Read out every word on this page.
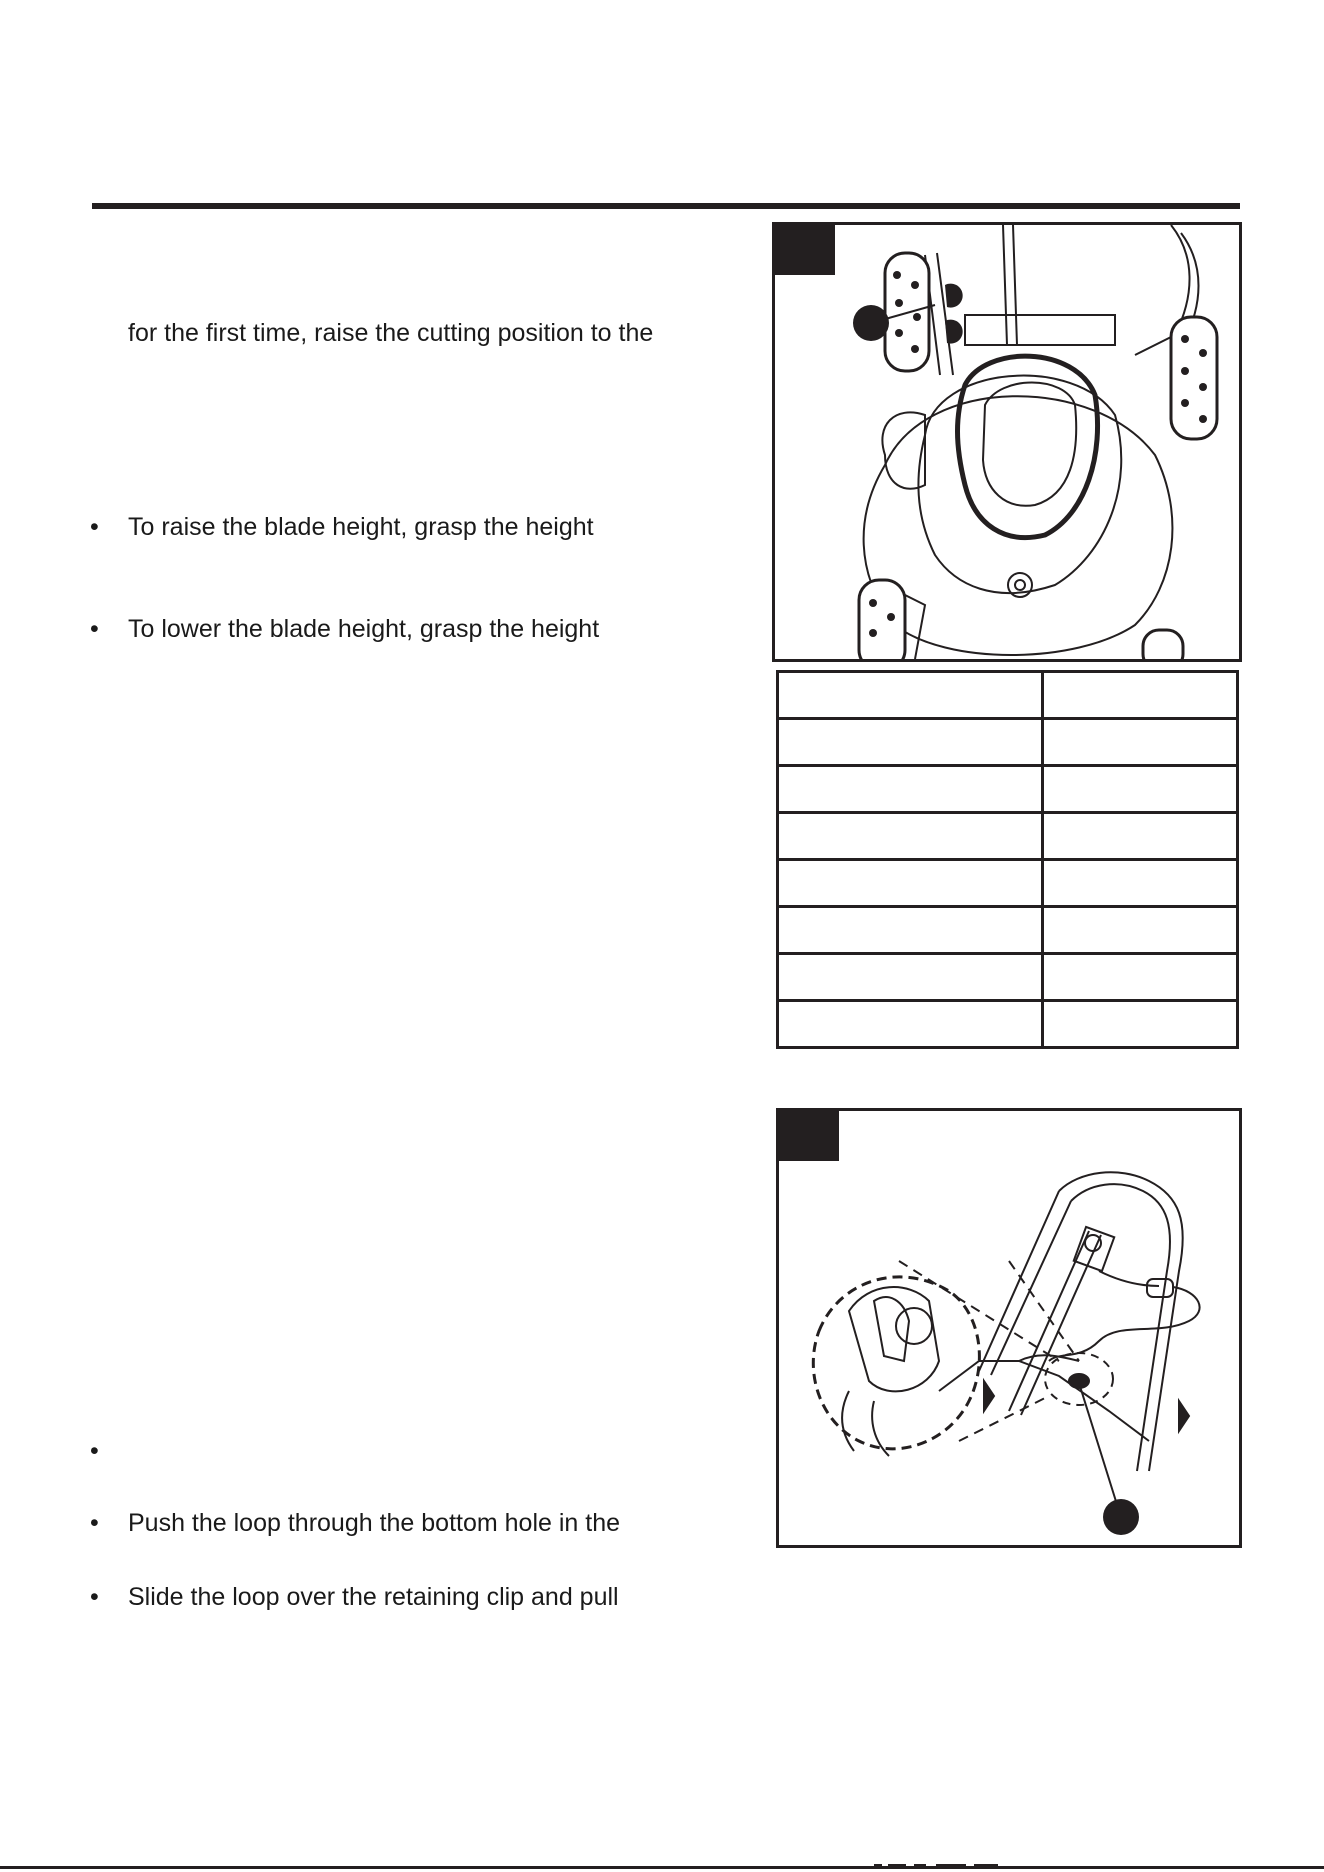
for the first time, raise the cutting position to the
• To raise the blade height, grasp the height
• To lower the blade height, grasp the height
•
• Push the loop through the bottom hole in the
• Slide the loop over the retaining clip and pull
